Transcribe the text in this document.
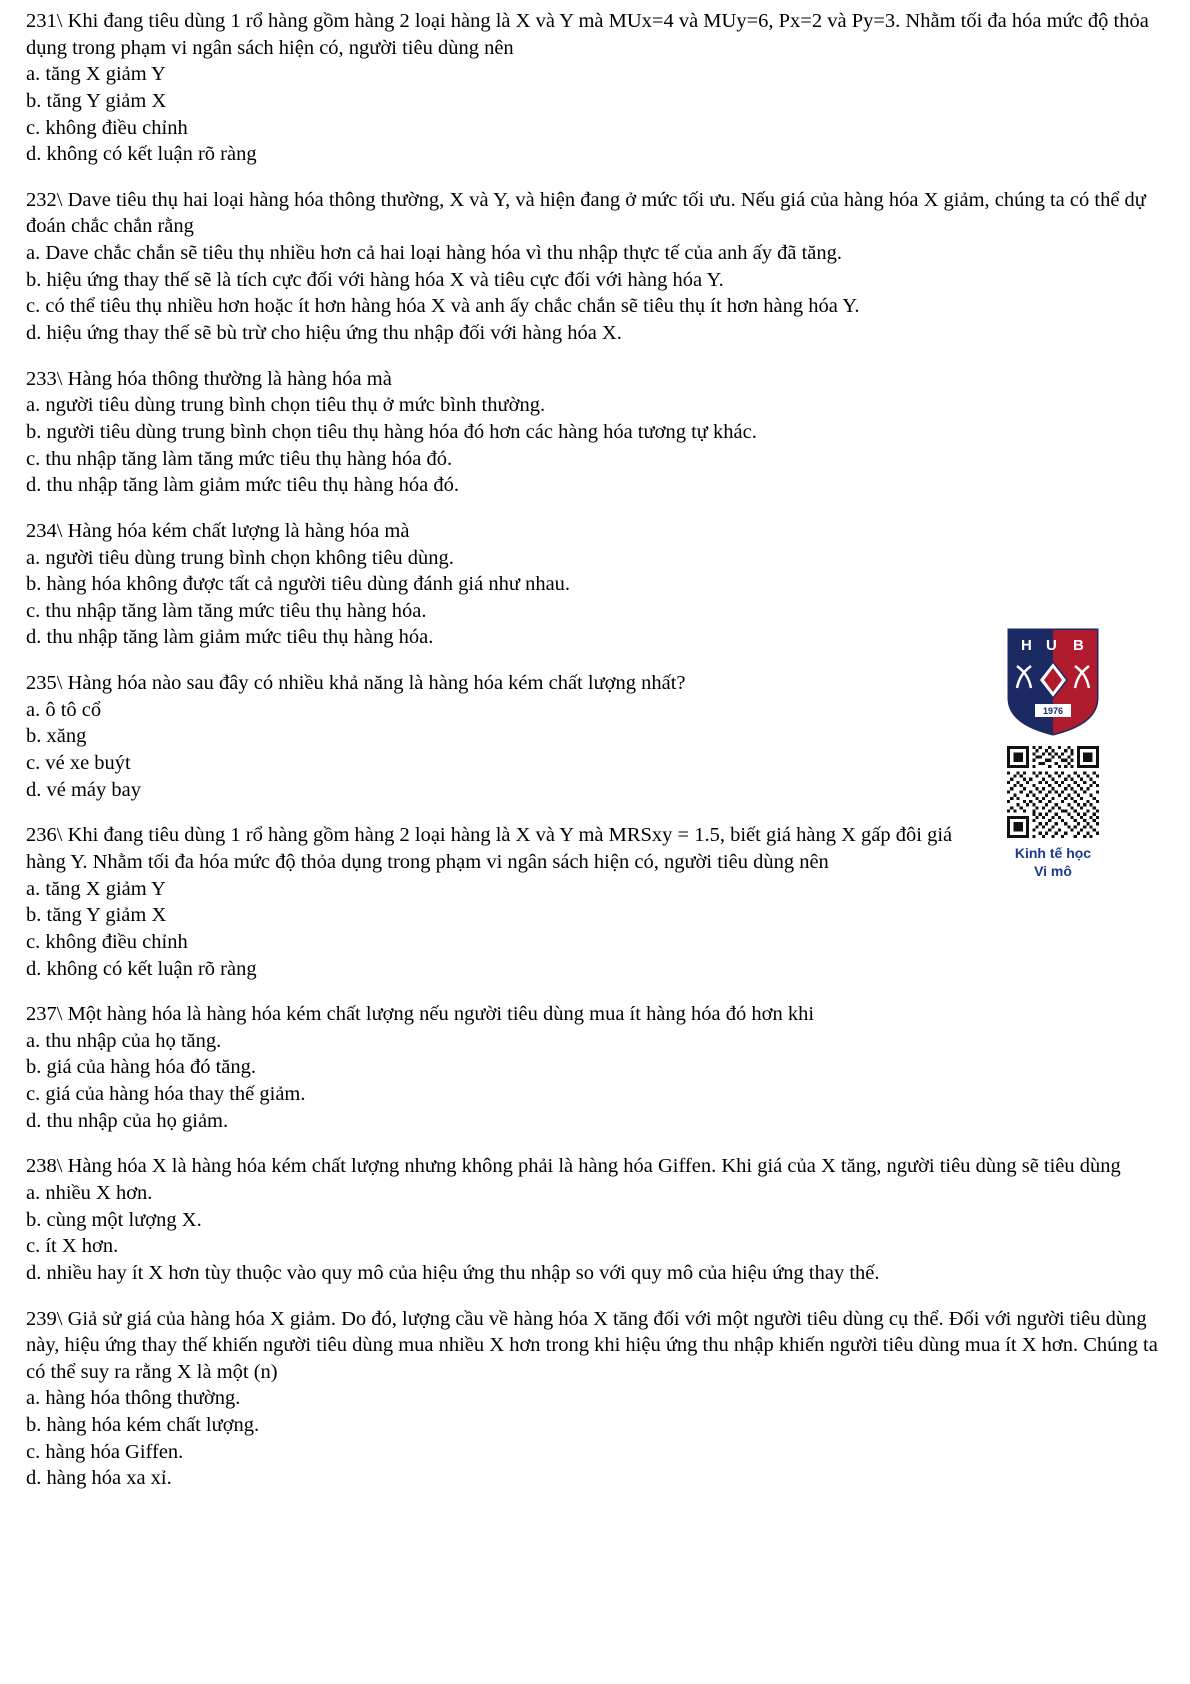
231\ Khi đang tiêu dùng 1 rổ hàng gồm hàng 2 loại hàng là X và Y mà MUx=4 và MUy=6, Px=2 và Py=3. Nhằm tối đa hóa mức độ thỏa dụng trong phạm vi ngân sách hiện có, người tiêu dùng nên
a. tăng X giảm Y
b. tăng Y giảm X
c. không điều chỉnh
d. không có kết luận rõ ràng
232\ Dave tiêu thụ hai loại hàng hóa thông thường, X và Y, và hiện đang ở mức tối ưu. Nếu giá của hàng hóa X giảm, chúng ta có thể dự đoán chắc chắn rằng
a. Dave chắc chắn sẽ tiêu thụ nhiều hơn cả hai loại hàng hóa vì thu nhập thực tế của anh ấy đã tăng.
b. hiệu ứng thay thế sẽ là tích cực đối với hàng hóa X và tiêu cực đối với hàng hóa Y.
c. có thể tiêu thụ nhiều hơn hoặc ít hơn hàng hóa X và anh ấy chắc chắn sẽ tiêu thụ ít hơn hàng hóa Y.
d. hiệu ứng thay thế sẽ bù trừ cho hiệu ứng thu nhập đối với hàng hóa X.
233\ Hàng hóa thông thường là hàng hóa mà
a. người tiêu dùng trung bình chọn tiêu thụ ở mức bình thường.
b. người tiêu dùng trung bình chọn tiêu thụ hàng hóa đó hơn các hàng hóa tương tự khác.
c. thu nhập tăng làm tăng mức tiêu thụ hàng hóa đó.
d. thu nhập tăng làm giảm mức tiêu thụ hàng hóa đó.
234\ Hàng hóa kém chất lượng là hàng hóa mà
a. người tiêu dùng trung bình chọn không tiêu dùng.
b. hàng hóa không được tất cả người tiêu dùng đánh giá như nhau.
c. thu nhập tăng làm tăng mức tiêu thụ hàng hóa.
d. thu nhập tăng làm giảm mức tiêu thụ hàng hóa.
235\ Hàng hóa nào sau đây có nhiều khả năng là hàng hóa kém chất lượng nhất?
a. ô tô cổ
b. xăng
c. vé xe buýt
d. vé máy bay
236\ Khi đang tiêu dùng 1 rổ hàng gồm hàng 2 loại hàng là X và Y mà MRSxy = 1.5, biết giá hàng X gấp đôi giá hàng Y. Nhằm tối đa hóa mức độ thỏa dụng trong phạm vi ngân sách hiện có, người tiêu dùng nên
a. tăng X giảm Y
b. tăng Y giảm X
c. không điều chỉnh
d. không có kết luận rõ ràng
237\ Một hàng hóa là hàng hóa kém chất lượng nếu người tiêu dùng mua ít hàng hóa đó hơn khi
a. thu nhập của họ tăng.
b. giá của hàng hóa đó tăng.
c. giá của hàng hóa thay thế giảm.
d. thu nhập của họ giảm.
238\ Hàng hóa X là hàng hóa kém chất lượng nhưng không phải là hàng hóa Giffen. Khi giá của X tăng, người tiêu dùng sẽ tiêu dùng
a. nhiều X hơn.
b. cùng một lượng X.
c. ít X hơn.
d. nhiều hay ít X hơn tùy thuộc vào quy mô của hiệu ứng thu nhập so với quy mô của hiệu ứng thay thế.
239\ Giả sử giá của hàng hóa X giảm. Do đó, lượng cầu về hàng hóa X tăng đối với một người tiêu dùng cụ thể. Đối với người tiêu dùng này, hiệu ứng thay thế khiến người tiêu dùng mua nhiều X hơn trong khi hiệu ứng thu nhập khiến người tiêu dùng mua ít X hơn. Chúng ta có thể suy ra rằng X là một (n)
a. hàng hóa thông thường.
b. hàng hóa kém chất lượng.
c. hàng hóa Giffen.
d. hàng hóa xa xỉ.
H U B
1976
Kinh tế học
Vi mô
